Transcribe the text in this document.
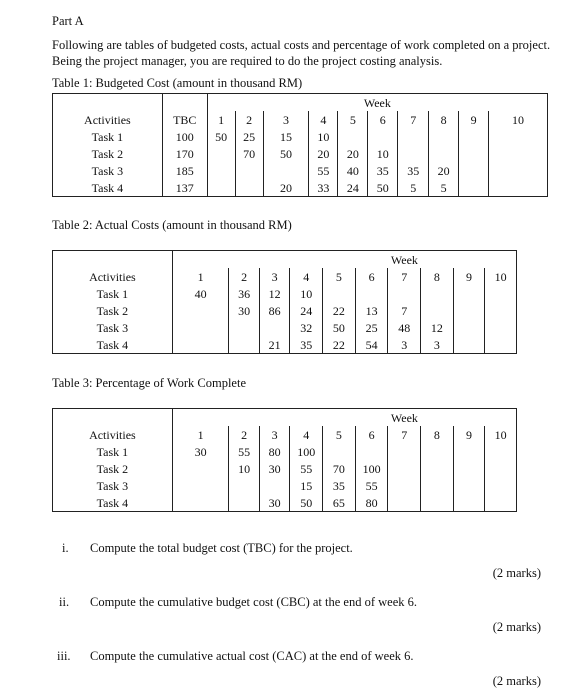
Part A
Following are tables of budgeted costs, actual costs and percentage of work completed on a project. Being the project manager, you are required to do the project costing analysis.
Table 1: Budgeted Cost (amount in thousand RM)
		Week									
Activities	TBC	1	2	3	4	5	6	7	8	9	10
Task 1	100	50	25	15	10						
Task 2	170		70	50	20	20	10				
Task 3	185				55	40	35	35	20		
Task 4	137			20	33	24	50	5	5		
Table 2: Actual Costs (amount in thousand RM)
	Week									
Activities	1	2	3	4	5	6	7	8	9	10
Task 1	40	36	12	10						
Task 2		30	86	24	22	13	7			
Task 3				32	50	25	48	12		
Task 4			21	35	22	54	3	3		
Table 3: Percentage of Work Complete
	Week									
Activities	1	2	3	4	5	6	7	8	9	10
Task 1	30	55	80	100						
Task 2		10	30	55	70	100				
Task 3				15	35	55				
Task 4			30	50	65	80				
i. Compute the total budget cost (TBC) for the project.
(2 marks)
ii. Compute the cumulative budget cost (CBC) at the end of week 6.
(2 marks)
iii. Compute the cumulative actual cost (CAC) at the end of week 6.
(2 marks)
